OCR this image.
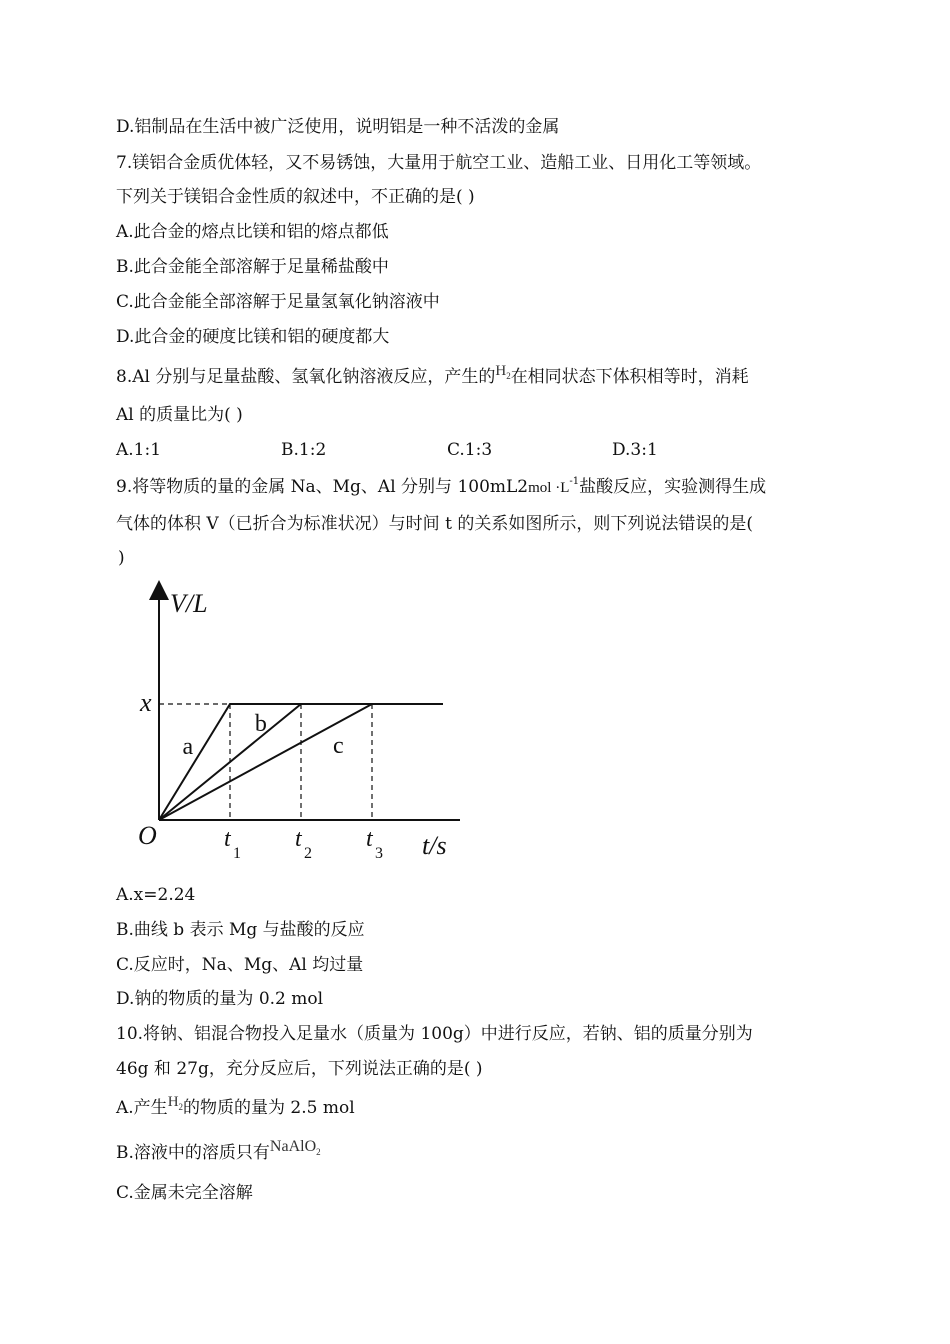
D.铝制品在生活中被广泛使用，说明铝是一种不活泼的金属
7.镁铝合金质优体轻，又不易锈蚀，大量用于航空工业、造船工业、日用化工等领域。
下列关于镁铝合金性质的叙述中，不正确的是( )
A.此合金的熔点比镁和铝的熔点都低
B.此合金能全部溶解于足量稀盐酸中
C.此合金能全部溶解于足量氢氧化钠溶液中
D.此合金的硬度比镁和铝的硬度都大
8.Al 分别与足量盐酸、氢氧化钠溶液反应，产生的$H_2$在相同状态下体积相等时，消耗
Al 的质量比为( )
A.1:1	B.1:2	C.1:3	D.3:1
9.将等物质的量的金属 Na、Mg、Al 分别与 $100mL2mol \cdot L^{-1}$盐酸反应，实验测得生成
气体的体积 V（已折合为标准状况）与时间 t 的关系如图所示，则下列说法错误的是(
)
V/L
t/s
O
x
t
1
t
2
t
3
a
b
c
A.x=2.24
B.曲线 b 表示 Mg 与盐酸的反应
C.反应时，Na、Mg、Al 均过量
D.钠的物质的量为 0.2 mol
10.将钠、铝混合物投入足量水（质量为 100g）中进行反应，若钠、铝的质量分别为
46g 和 27g，充分反应后，下列说法正确的是( )
A.产生$H_2$的物质的量为 2.5 mol
B.溶液中的溶质只有NaAlO$_2$
C.金属未完全溶解
